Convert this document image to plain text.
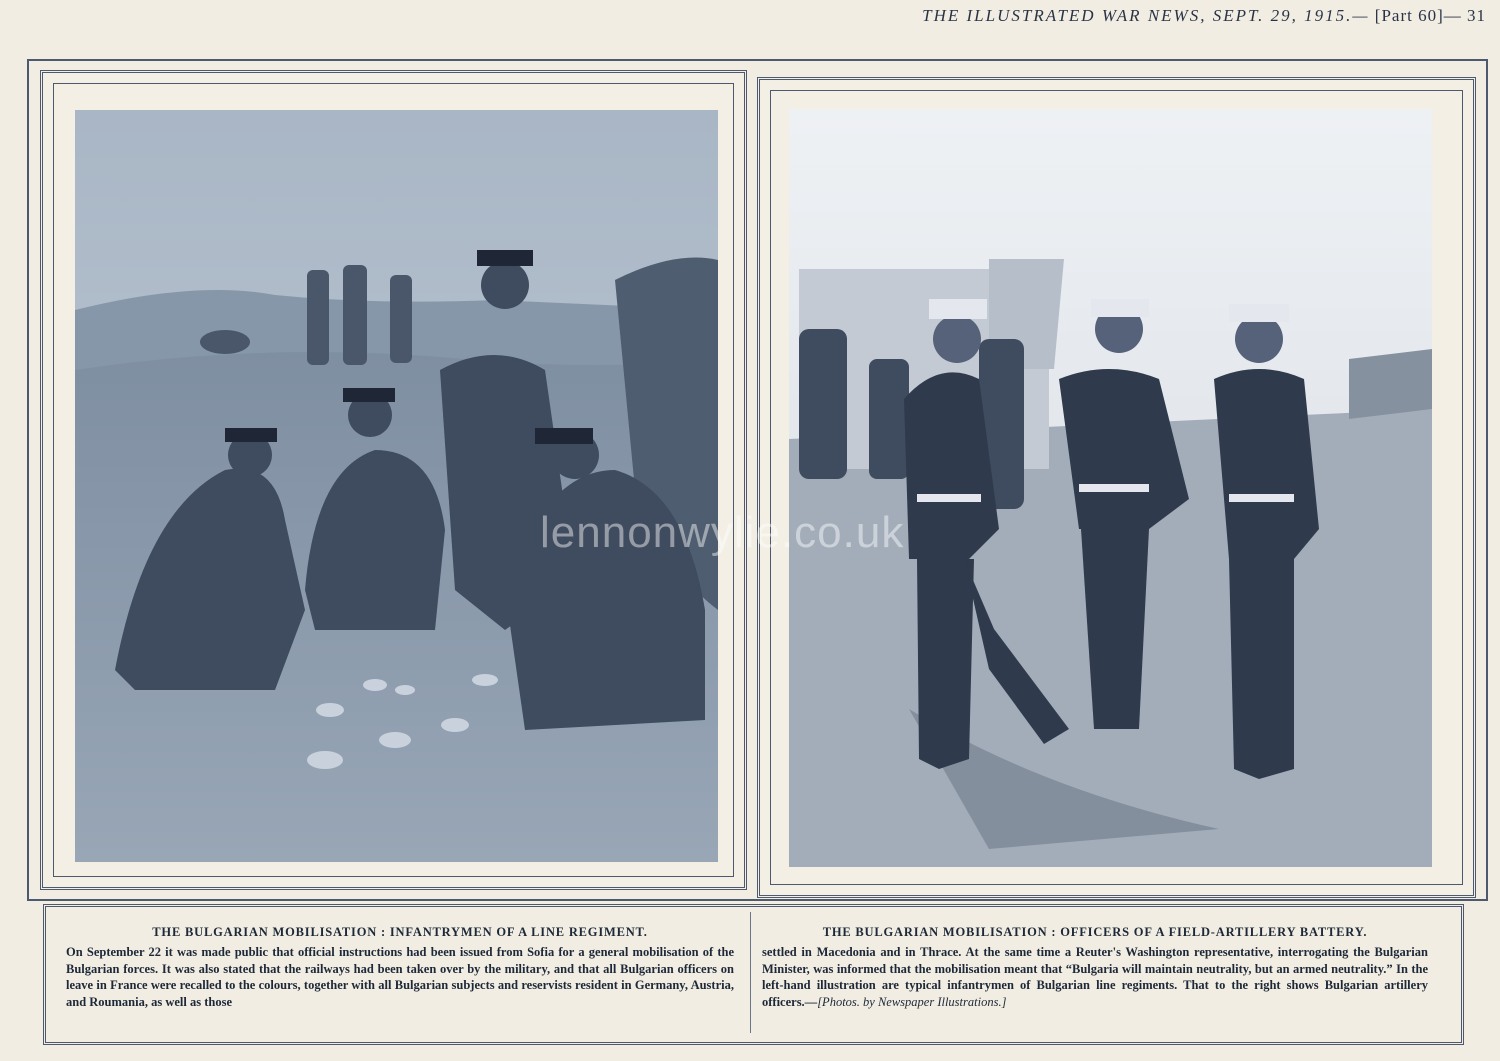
THE ILLUSTRATED WAR NEWS, SEPT. 29, 1915.— [Part 60]— 31
lennonwylie.co.uk
THE BULGARIAN MOBILISATION : INFANTRYMEN OF A LINE REGIMENT.

On September 22 it was made public that official instructions had been issued from Sofia for a general mobilisation of the Bulgarian forces. It was also stated that the railways had been taken over by the military, and that all Bulgarian officers on leave in France were recalled to the colours, together with all Bulgarian subjects and reservists resident in Germany, Austria, and Roumania, as well as those

THE BULGARIAN MOBILISATION : OFFICERS OF A FIELD-ARTILLERY BATTERY.

settled in Macedonia and in Thrace. At the same time a Reuter's Washington representative, interrogating the Bulgarian Minister, was informed that the mobilisation meant that “Bulgaria will maintain neutrality, but an armed neutrality.” In the left-hand illustration are typical infantrymen of Bulgarian line regiments. That to the right shows Bulgarian artillery officers.—[Photos. by Newspaper Illustrations.]
